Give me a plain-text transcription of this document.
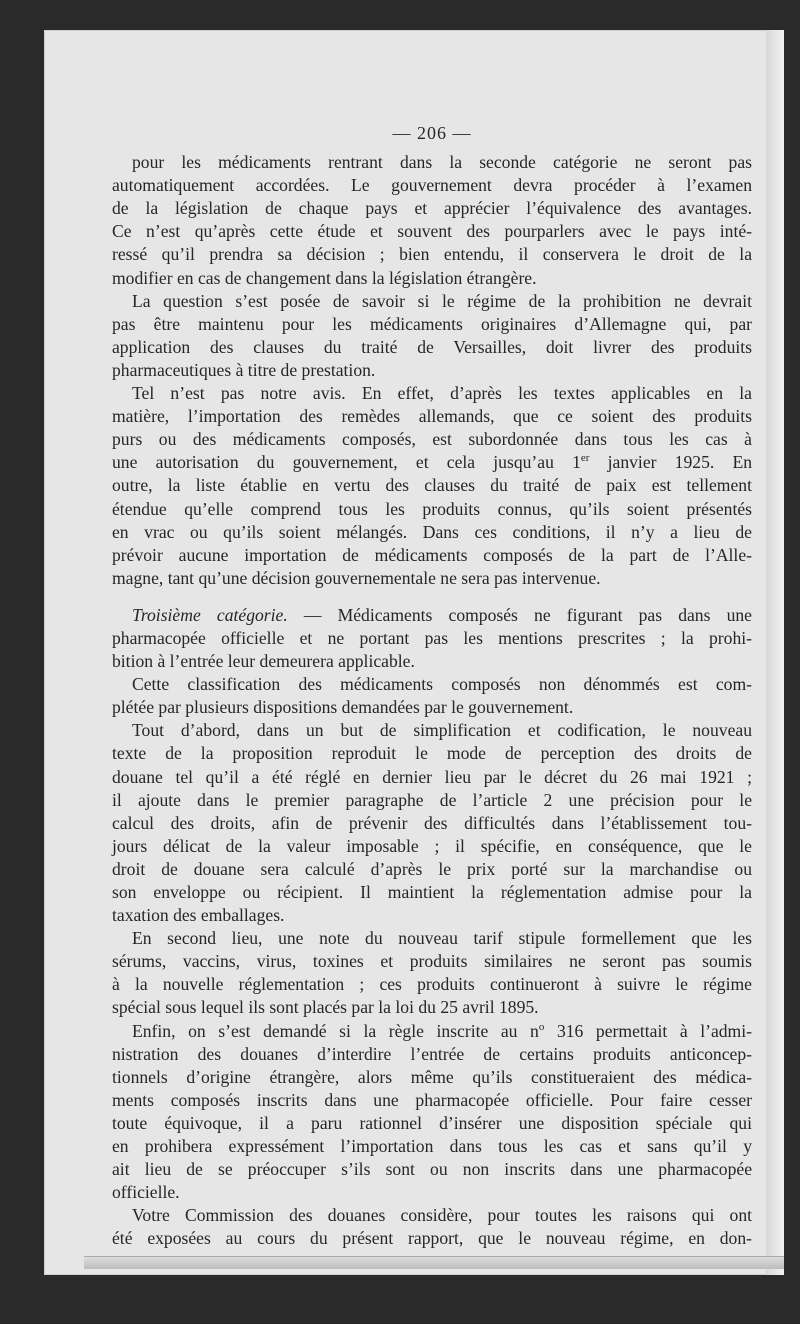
— 206 —
pour les médicaments rentrant dans la seconde catégorie ne seront pas
automatiquement accordées. Le gouvernement devra procéder à l’examen
de la législation de chaque pays et apprécier l’équivalence des avantages.
Ce n’est qu’après cette étude et souvent des pourparlers avec le pays inté-
ressé qu’il prendra sa décision ; bien entendu, il conservera le droit de la
modifier en cas de changement dans la législation étrangère.
La question s’est posée de savoir si le régime de la prohibition ne devrait
pas être maintenu pour les médicaments originaires d’Allemagne qui, par
application des clauses du traité de Versailles, doit livrer des produits
pharmaceutiques à titre de prestation.
Tel n’est pas notre avis. En effet, d’après les textes applicables en la
matière, l’importation des remèdes allemands, que ce soient des produits
purs ou des médicaments composés, est subordonnée dans tous les cas à
une autorisation du gouvernement, et cela jusqu’au 1er janvier 1925. En
outre, la liste établie en vertu des clauses du traité de paix est tellement
étendue qu’elle comprend tous les produits connus, qu’ils soient présentés
en vrac ou qu’ils soient mélangés. Dans ces conditions, il n’y a lieu de
prévoir aucune importation de médicaments composés de la part de l’Alle-
magne, tant qu’une décision gouvernementale ne sera pas intervenue.
Troisième catégorie. — Médicaments composés ne figurant pas dans une
pharmacopée officielle et ne portant pas les mentions prescrites ; la prohi-
bition à l’entrée leur demeurera applicable.
Cette classification des médicaments composés non dénommés est com-
plétée par plusieurs dispositions demandées par le gouvernement.
Tout d’abord, dans un but de simplification et codification, le nouveau
texte de la proposition reproduit le mode de perception des droits de
douane tel qu’il a été réglé en dernier lieu par le décret du 26 mai 1921 ;
il ajoute dans le premier paragraphe de l’article 2 une précision pour le
calcul des droits, afin de prévenir des difficultés dans l’établissement tou-
jours délicat de la valeur imposable ; il spécifie, en conséquence, que le
droit de douane sera calculé d’après le prix porté sur la marchandise ou
son enveloppe ou récipient. Il maintient la réglementation admise pour la
taxation des emballages.
En second lieu, une note du nouveau tarif stipule formellement que les
sérums, vaccins, virus, toxines et produits similaires ne seront pas soumis
à la nouvelle réglementation ; ces produits continueront à suivre le régime
spécial sous lequel ils sont placés par la loi du 25 avril 1895.
Enfin, on s’est demandé si la règle inscrite au $n^o$ 316 permettait à l’admi-
nistration des douanes d’interdire l’entrée de certains produits anticoncep-
tionnels d’origine étrangère, alors même qu’ils constitueraient des médica-
ments composés inscrits dans une pharmacopée officielle. Pour faire cesser
toute équivoque, il a paru rationnel d’insérer une disposition spéciale qui
en prohibera expressément l’importation dans tous les cas et sans qu’il y
ait lieu de se préoccuper s’ils sont ou non inscrits dans une pharmacopée
officielle.
Votre Commission des douanes considère, pour toutes les raisons qui ont
été exposées au cours du présent rapport, que le nouveau régime, en don-
